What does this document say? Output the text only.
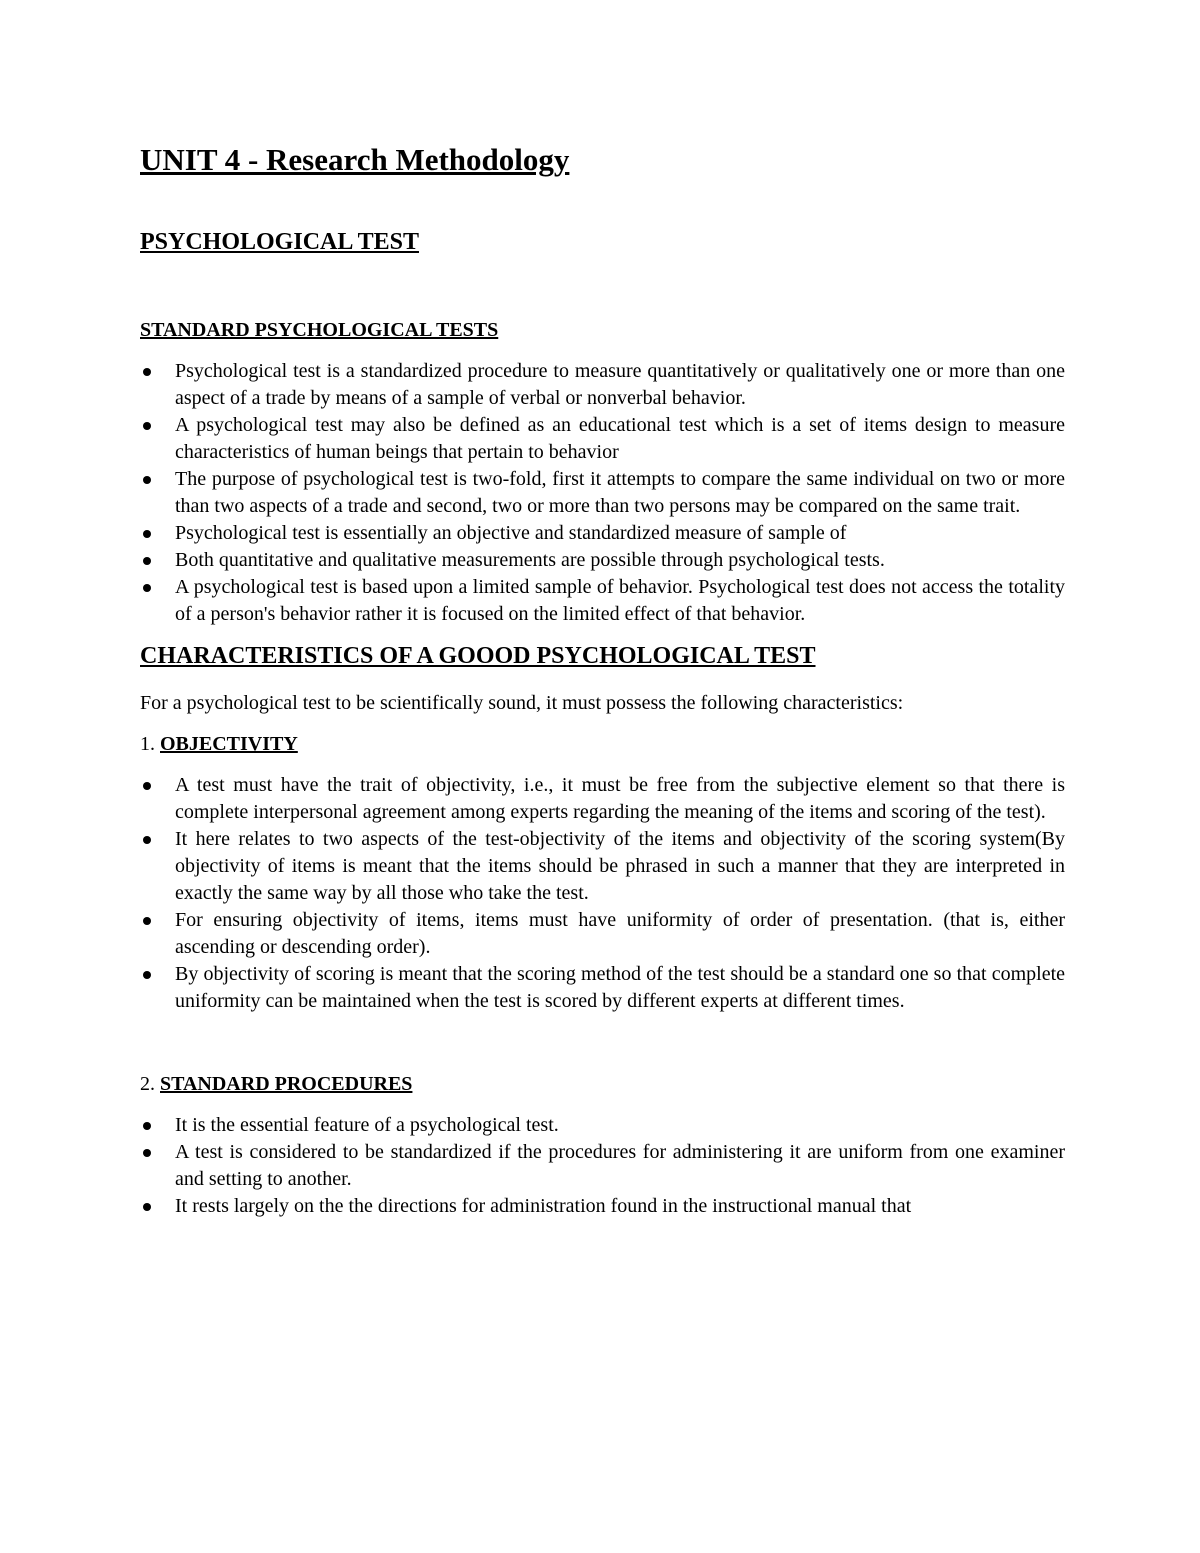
UNIT 4 - Research Methodology
PSYCHOLOGICAL TEST
STANDARD PSYCHOLOGICAL TESTS
Psychological test is a standardized procedure to measure quantitatively or qualitatively one or more than one aspect of a trade by means of a sample of verbal or nonverbal behavior.
A psychological test may also be defined as an educational test which is a set of items design to measure characteristics of human beings that pertain to behavior
The purpose of psychological test is two-fold, first it attempts to compare the same individual on two or more than two aspects of a trade and second, two or more than two persons may be compared on the same trait.
Psychological test is essentially an objective and standardized measure of sample of
Both quantitative and qualitative measurements are possible through psychological tests.
A psychological test is based upon a limited sample of behavior. Psychological test does not access the totality of a person's behavior rather it is focused on the limited effect of that behavior.
CHARACTERISTICS OF A GOOOD PSYCHOLOGICAL TEST

For a psychological test to be scientifically sound, it must possess the following characteristics:

1. OBJECTIVITY

A test must have the trait of objectivity, i.e., it must be free from the subjective element so that there is complete interpersonal agreement among experts regarding the meaning of the items and scoring of the test).
It here relates to two aspects of the test-objectivity of the items and objectivity of the scoring system(By objectivity of items is meant that the items should be phrased in such a manner that they are interpreted in exactly the same way by all those who take the test.
For ensuring objectivity of items, items must have uniformity of order of presentation. (that is, either ascending or descending order).
By objectivity of scoring is meant that the scoring method of the test should be a standard one so that complete uniformity can be maintained when the test is scored by different experts at different times.

2. STANDARD PROCEDURES

It is the essential feature of a psychological test.
A test is considered to be standardized if the procedures for administering it are uniform from one examiner and setting to another.
It rests largely on the the directions for administration found in the instructional manual that
